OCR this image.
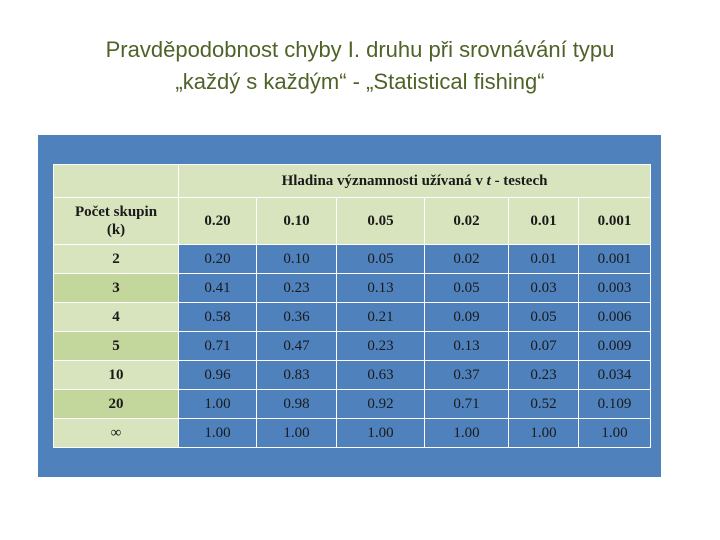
Pravděpodobnost chyby I. druhu při srovnávání typu
„každý s každým“ - „Statistical fishing“
	Hladina významnosti užívaná v t - testech					

Počet skupin
(k)	0.20	0.10	0.05	0.02	0.01	0.001
2	0.20	0.10	0.05	0.02	0.01	0.001
3	0.41	0.23	0.13	0.05	0.03	0.003
4	0.58	0.36	0.21	0.09	0.05	0.006
5	0.71	0.47	0.23	0.13	0.07	0.009
10	0.96	0.83	0.63	0.37	0.23	0.034
20	1.00	0.98	0.92	0.71	0.52	0.109
∞	1.00	1.00	1.00	1.00	1.00	1.00
